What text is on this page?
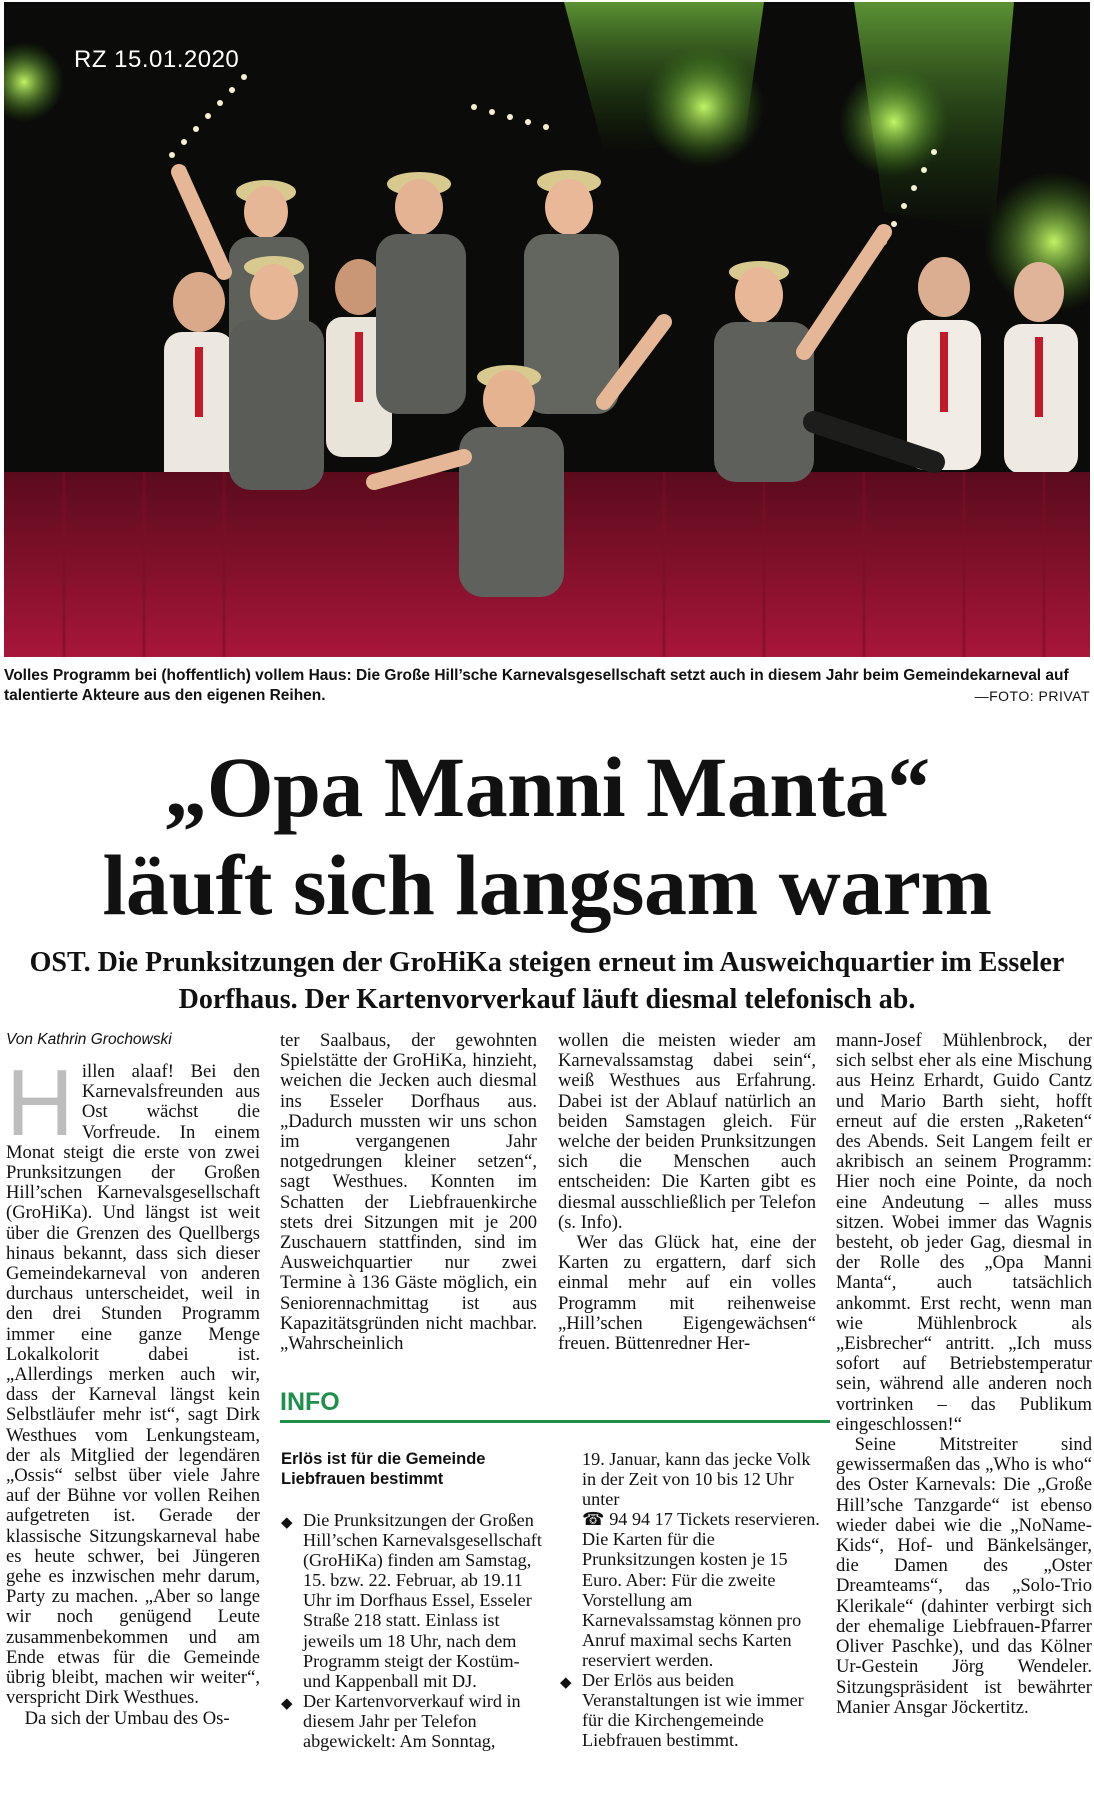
RZ 15.01.2020
Volles Programm bei (hoffentlich) vollem Haus: Die Große Hill’sche Karnevalsgesellschaft setzt auch in diesem Jahr beim Gemeindekarneval auf talentierte Akteure aus den eigenen Reihen.	—FOTO: PRIVAT
„Opa Manni Manta“
läuft sich langsam warm
OST. Die Prunksitzungen der GroHiKa steigen erneut im Ausweichquartier im Esseler Dorfhaus. Der Kartenvorverkauf läuft diesmal telefonisch ab.
Von Kathrin Grochowski

Hillen alaaf! Bei den Karnevalsfreunden aus Ost wächst die Vorfreude. In einem Monat steigt die erste von zwei Prunksitzungen der Großen Hill’schen Karnevalsgesellschaft (GroHiKa). Und längst ist weit über die Grenzen des Quellbergs hinaus bekannt, dass sich dieser Gemeindekarneval von anderen durchaus unterscheidet, weil in den drei Stunden Programm immer eine ganze Menge Lokalkolorit dabei ist. „Allerdings merken auch wir, dass der Karneval längst kein Selbstläufer mehr ist“, sagt Dirk Westhues vom Lenkungsteam, der als Mitglied der legendären „Ossis“ selbst über viele Jahre auf der Bühne vor vollen Reihen aufgetreten ist. Gerade der klassische Sitzungskarneval habe es heute schwer, bei Jüngeren gehe es inzwischen mehr darum, Party zu machen. „Aber so lange wir noch genügend Leute zusammenbekommen und am Ende etwas für die Gemeinde übrig bleibt, machen wir weiter“, verspricht Dirk Westhues.

Da sich der Umbau des Os-

ter Saalbaus, der gewohnten Spielstätte der GroHiKa, hinzieht, weichen die Jecken auch diesmal ins Esseler Dorfhaus aus. „Dadurch mussten wir uns schon im vergangenen Jahr notgedrungen kleiner setzen“, sagt Westhues. Konnten im Schatten der Liebfrauenkirche stets drei Sitzungen mit je 200 Zuschauern stattfinden, sind im Ausweichquartier nur zwei Termine à 136 Gäste möglich, ein Seniorennachmittag ist aus Kapazitätsgründen nicht machbar. „Wahrscheinlich

wollen die meisten wieder am Karnevalssamstag dabei sein“, weiß Westhues aus Erfahrung. Dabei ist der Ablauf natürlich an beiden Samstagen gleich. Für welche der beiden Prunksitzungen sich die Menschen auch entscheiden: Die Karten gibt es diesmal ausschließlich per Telefon (s. Info).

Wer das Glück hat, eine der Karten zu ergattern, darf sich einmal mehr auf ein volles Programm mit reihenweise „Hill’schen Eigengewächsen“ freuen. Büttenredner Her-

mann-Josef Mühlenbrock, der sich selbst eher als eine Mischung aus Heinz Erhardt, Guido Cantz und Mario Barth sieht, hofft erneut auf die ersten „Raketen“ des Abends. Seit Langem feilt er akribisch an seinem Programm: Hier noch eine Pointe, da noch eine Andeutung – alles muss sitzen. Wobei immer das Wagnis besteht, ob jeder Gag, diesmal in der Rolle des „Opa Manni Manta“, auch tatsächlich ankommt. Erst recht, wenn man wie Mühlenbrock als „Eisbrecher“ antritt. „Ich muss sofort auf Betriebstemperatur sein, während alle anderen noch vortrinken – das Publikum eingeschlossen!“

Seine Mitstreiter sind gewissermaßen das „Who is who“ des Oster Karnevals: Die „Große Hill’sche Tanzgarde“ ist ebenso wieder dabei wie die „NoName-Kids“, Hof- und Bänkelsänger, die Damen des „Oster Dreamteams“, das „Solo-Trio Klerikale“ (dahinter verbirgt sich der ehemalige Liebfrauen-Pfarrer Oliver Paschke), und das Kölner Ur-Gestein Jörg Wendeler. Sitzungspräsident ist bewährter Manier Ansgar Jöckertitz.

INFO
Erlös ist für die Gemeinde Liebfrauen bestimmt

◆ Die Prunksitzungen der Großen Hill’schen Karnevalsgesellschaft (GroHiKa) finden am Samstag, 15. bzw. 22. Februar, ab 19.11 Uhr im Dorfhaus Essel, Esseler Straße 218 statt. Einlass ist jeweils um 18 Uhr, nach dem Programm steigt der Kostüm- und Kappenball mit DJ.

◆ Der Kartenvorverkauf wird in diesem Jahr per Telefon abgewickelt: Am Sonntag,

19. Januar, kann das jecke Volk in der Zeit von 10 bis 12 Uhr unter
☎ 94 94 17 Tickets reservieren. Die Karten für die Prunksitzungen kosten je 15 Euro. Aber: Für die zweite Vorstellung am Karnevalssamstag können pro Anruf maximal sechs Karten reserviert werden.

◆ Der Erlös aus beiden Veranstaltungen ist wie immer für die Kirchengemeinde Liebfrauen bestimmt.
